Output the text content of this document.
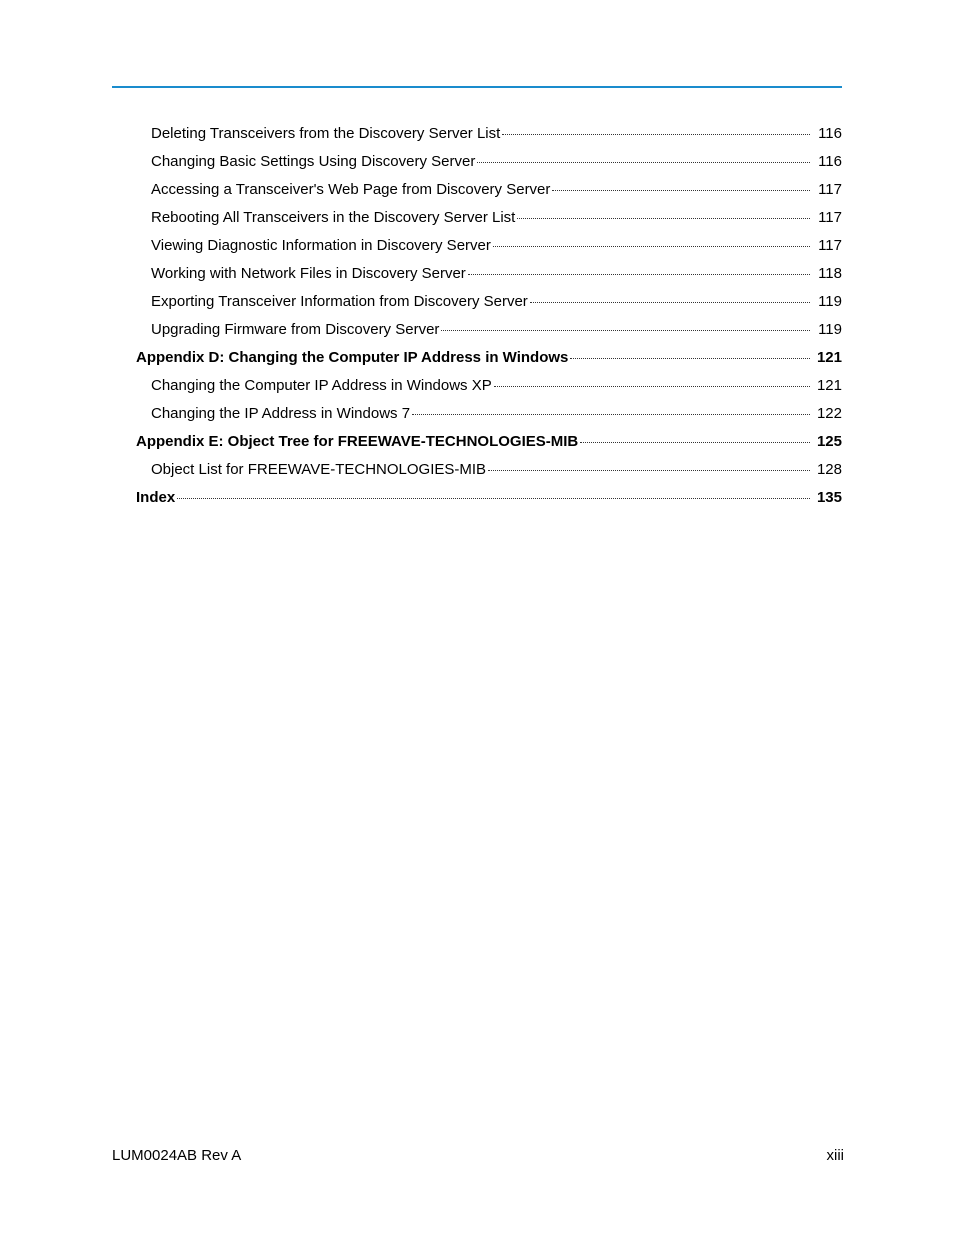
Deleting Transceivers from the Discovery Server List	116
Changing Basic Settings Using Discovery Server	116
Accessing a Transceiver's Web Page from Discovery Server	117
Rebooting All Transceivers in the Discovery Server List	117
Viewing Diagnostic Information in Discovery Server	117
Working with Network Files in Discovery Server	118
Exporting Transceiver Information from Discovery Server	119
Upgrading Firmware from Discovery Server	119
Appendix D: Changing the Computer IP Address in Windows	121
Changing the Computer IP Address in Windows XP	121
Changing the IP Address in Windows 7	122
Appendix E: Object Tree for FREEWAVE-TECHNOLOGIES-MIB	125
Object List for FREEWAVE-TECHNOLOGIES-MIB	128
Index	135
LUM0024AB Rev A	xiii
